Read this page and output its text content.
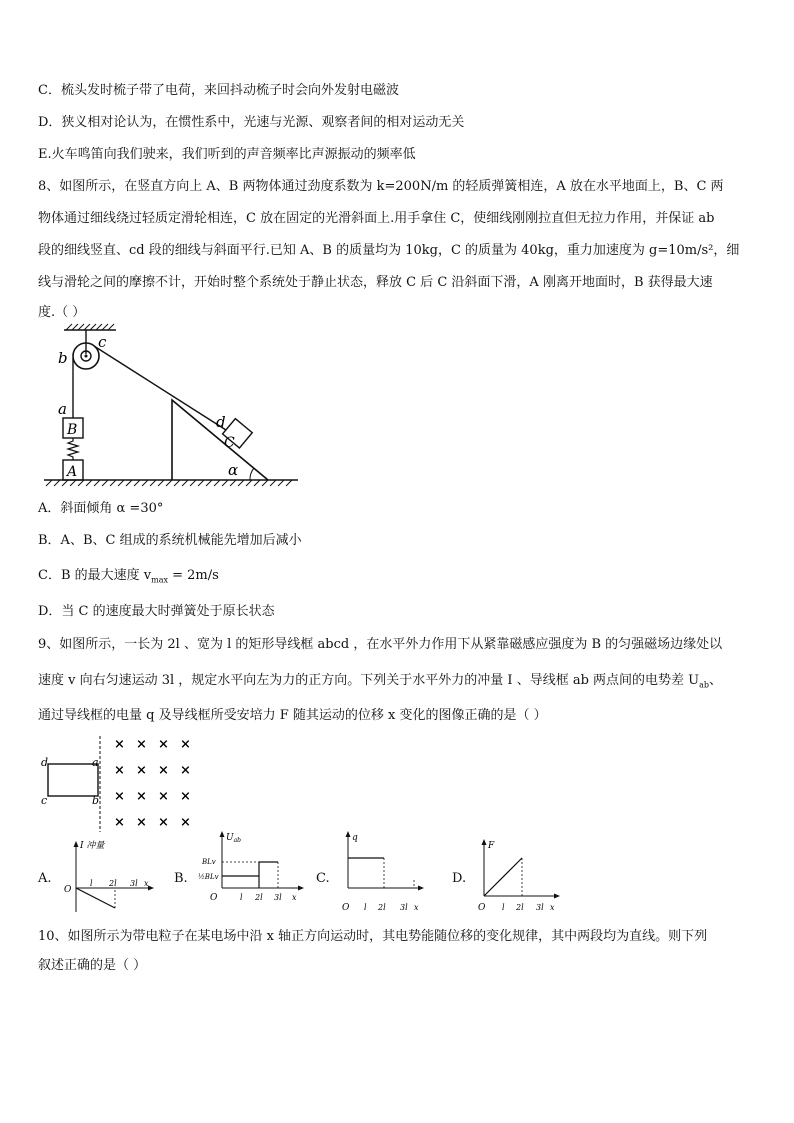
C．梳头发时梳子带了电荷，来回抖动梳子时会向外发射电磁波
D．狭义相对论认为，在惯性系中，光速与光源、观察者间的相对运动无关
E.火车鸣笛向我们驶来，我们听到的声音频率比声源振动的频率低
8、如图所示，在竖直方向上 A、B 两物体通过劲度系数为 k=200N/m 的轻质弹簧相连，A 放在水平地面上，B、C 两
物体通过细线绕过轻质定滑轮相连，C 放在固定的光滑斜面上.用手拿住 C，使细线刚刚拉直但无拉力作用，并保证 ab
段的细线竖直、cd 段的细线与斜面平行.已知 A、B 的质量均为 10kg，C 的质量为 40kg，重力加速度为 g=10m/s²，细
线与滑轮之间的摩擦不计，开始时整个系统处于静止状态，释放 C 后 C 沿斜面下滑，A 刚离开地面时，B 获得最大速
度.（ ）
b
c
a
B
A
d
C
α
A．斜面倾角 α =30°
B．A、B、C 组成的系统机械能先增加后减小
C．B 的最大速度 $v_{max} = 2m/s$
D．当 C 的速度最大时弹簧处于原长状态
9、如图所示，一长为 2l 、宽为 l 的矩形导线框 abcd ，在水平外力作用下从紧靠磁感应强度为 B 的匀强磁场边缘处以
速度 v 向右匀速运动 3l ，规定水平向左为力的正方向。下列关于水平外力的冲量 I 、导线框 ab 两点间的电势差 $U_{ab}$、
通过导线框的电量 q 及导线框所受安培力 F 随其运动的位移 x 变化的图像正确的是（ ）
d	a
c	b
× × × ×
× × × ×
× × × ×
× × × ×
A.
I 冲量
O
l 2l 3l x B.
$U_{ab}$
BLv
½BLv
O	l 2l 3l x
C.
q
O l 2l 3l x
D.
F
O l 2l 3l x
10、如图所示为带电粒子在某电场中沿 x 轴正方向运动时，其电势能随位移的变化规律，其中两段均为直线。则下列
叙述正确的是（ ）
